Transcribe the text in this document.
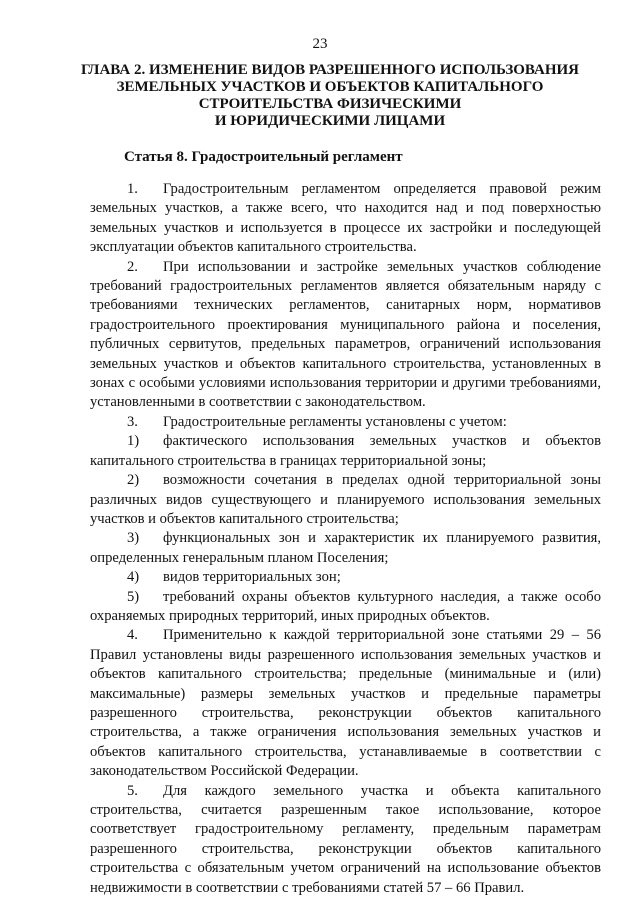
23
ГЛАВА 2. ИЗМЕНЕНИЕ ВИДОВ РАЗРЕШЕННОГО ИСПОЛЬЗОВАНИЯ
ЗЕМЕЛЬНЫХ УЧАСТКОВ И ОБЪЕКТОВ КАПИТАЛЬНОГО
СТРОИТЕЛЬСТВА ФИЗИЧЕСКИМИ
И ЮРИДИЧЕСКИМИ ЛИЦАМИ
Статья 8. Градостроительный регламент

1. Градостроительным регламентом определяется правовой режим земельных участков, а также всего, что находится над и под поверхностью земельных участков и используется в процессе их застройки и последующей эксплуатации объектов капитального строительства.

2. При использовании и застройке земельных участков соблюдение требований градостроительных регламентов является обязательным наряду с требованиями технических регламентов, санитарных норм, нормативов градостроительного проектирования муниципального района и поселения, публичных сервитутов, предельных параметров, ограничений использования земельных участков и объектов капитального строительства, установленных в зонах с особыми условиями использования территории и другими требованиями, установленными в соответствии с законодательством.

3. Градостроительные регламенты установлены с учетом:

1) фактического использования земельных участков и объектов капитального строительства в границах территориальной зоны;

2) возможности сочетания в пределах одной территориальной зоны различных видов существующего и планируемого использования земельных участков и объектов капитального строительства;

3) функциональных зон и характеристик их планируемого развития, определенных генеральным планом Поселения;

4) видов территориальных зон;

5) требований охраны объектов культурного наследия, а также особо охраняемых природных территорий, иных природных объектов.

4. Применительно к каждой территориальной зоне статьями 29 – 56 Правил установлены виды разрешенного использования земельных участков и объектов капитального строительства; предельные (минимальные и (или) максимальные) размеры земельных участков и предельные параметры разрешенного строительства, реконструкции объектов капитального строительства, а также ограничения использования земельных участков и объектов капитального строительства, устанавливаемые в соответствии с законодательством Российской Федерации.

5. Для каждого земельного участка и объекта капитального строительства, считается разрешенным такое использование, которое соответствует градостроительному регламенту, предельным параметрам разрешенного строительства, реконструкции объектов капитального строительства с обязательным учетом ограничений на использование объектов недвижимости в соответствии с требованиями статей 57 – 66 Правил.
